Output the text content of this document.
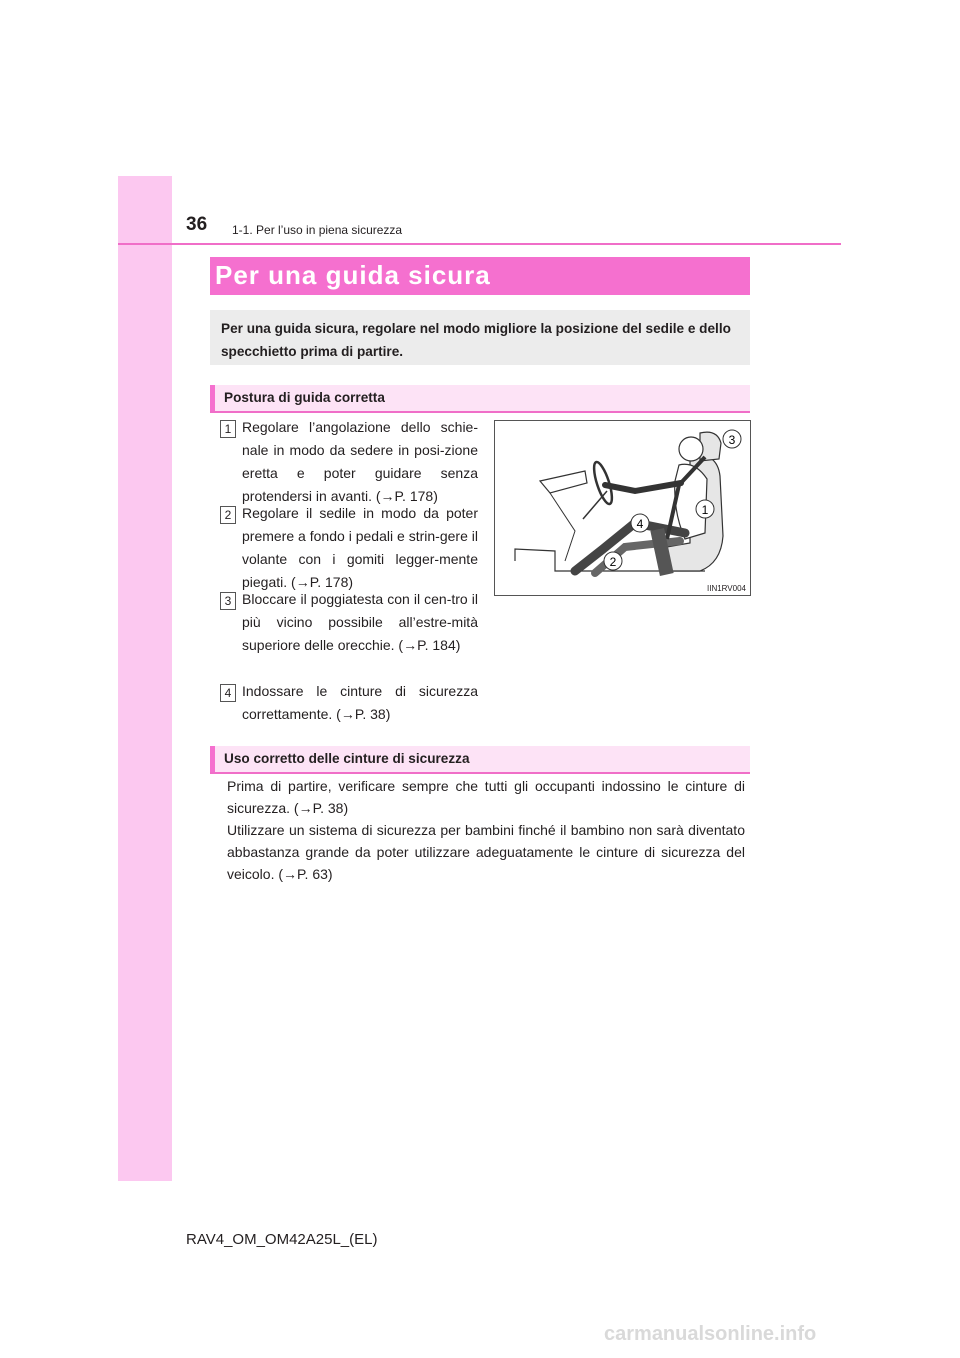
36 1-1. Per l’uso in piena sicurezza
Per una guida sicura
Per una guida sicura, regolare nel modo migliore la posizione del sedile e dello specchietto prima di partire.
Postura di guida corretta
1 Regolare l’angolazione dello schie-nale in modo da sedere in posi-zione eretta e poter guidare senza protendersi in avanti. (→P. 178)
2 Regolare il sedile in modo da poter premere a fondo i pedali e strin-gere il volante con i gomiti legger-mente piegati. (→P. 178)
3 Bloccare il poggiatesta con il cen-tro il più vicino possibile all’estre-mità superiore delle orecchie. (→P. 184)
4 Indossare le cinture di sicurezza correttamente. (→P. 38)
3
1
4
2
IIN1RV004
Uso corretto delle cinture di sicurezza
Prima di partire, verificare sempre che tutti gli occupanti indossino le cinture di sicurezza. (→P. 38)
Utilizzare un sistema di sicurezza per bambini finché il bambino non sarà diventato abbastanza grande da poter utilizzare adeguatamente le cinture di sicurezza del veicolo. (→P. 63)
RAV4_OM_OM42A25L_(EL)
carmanualsonline.info
